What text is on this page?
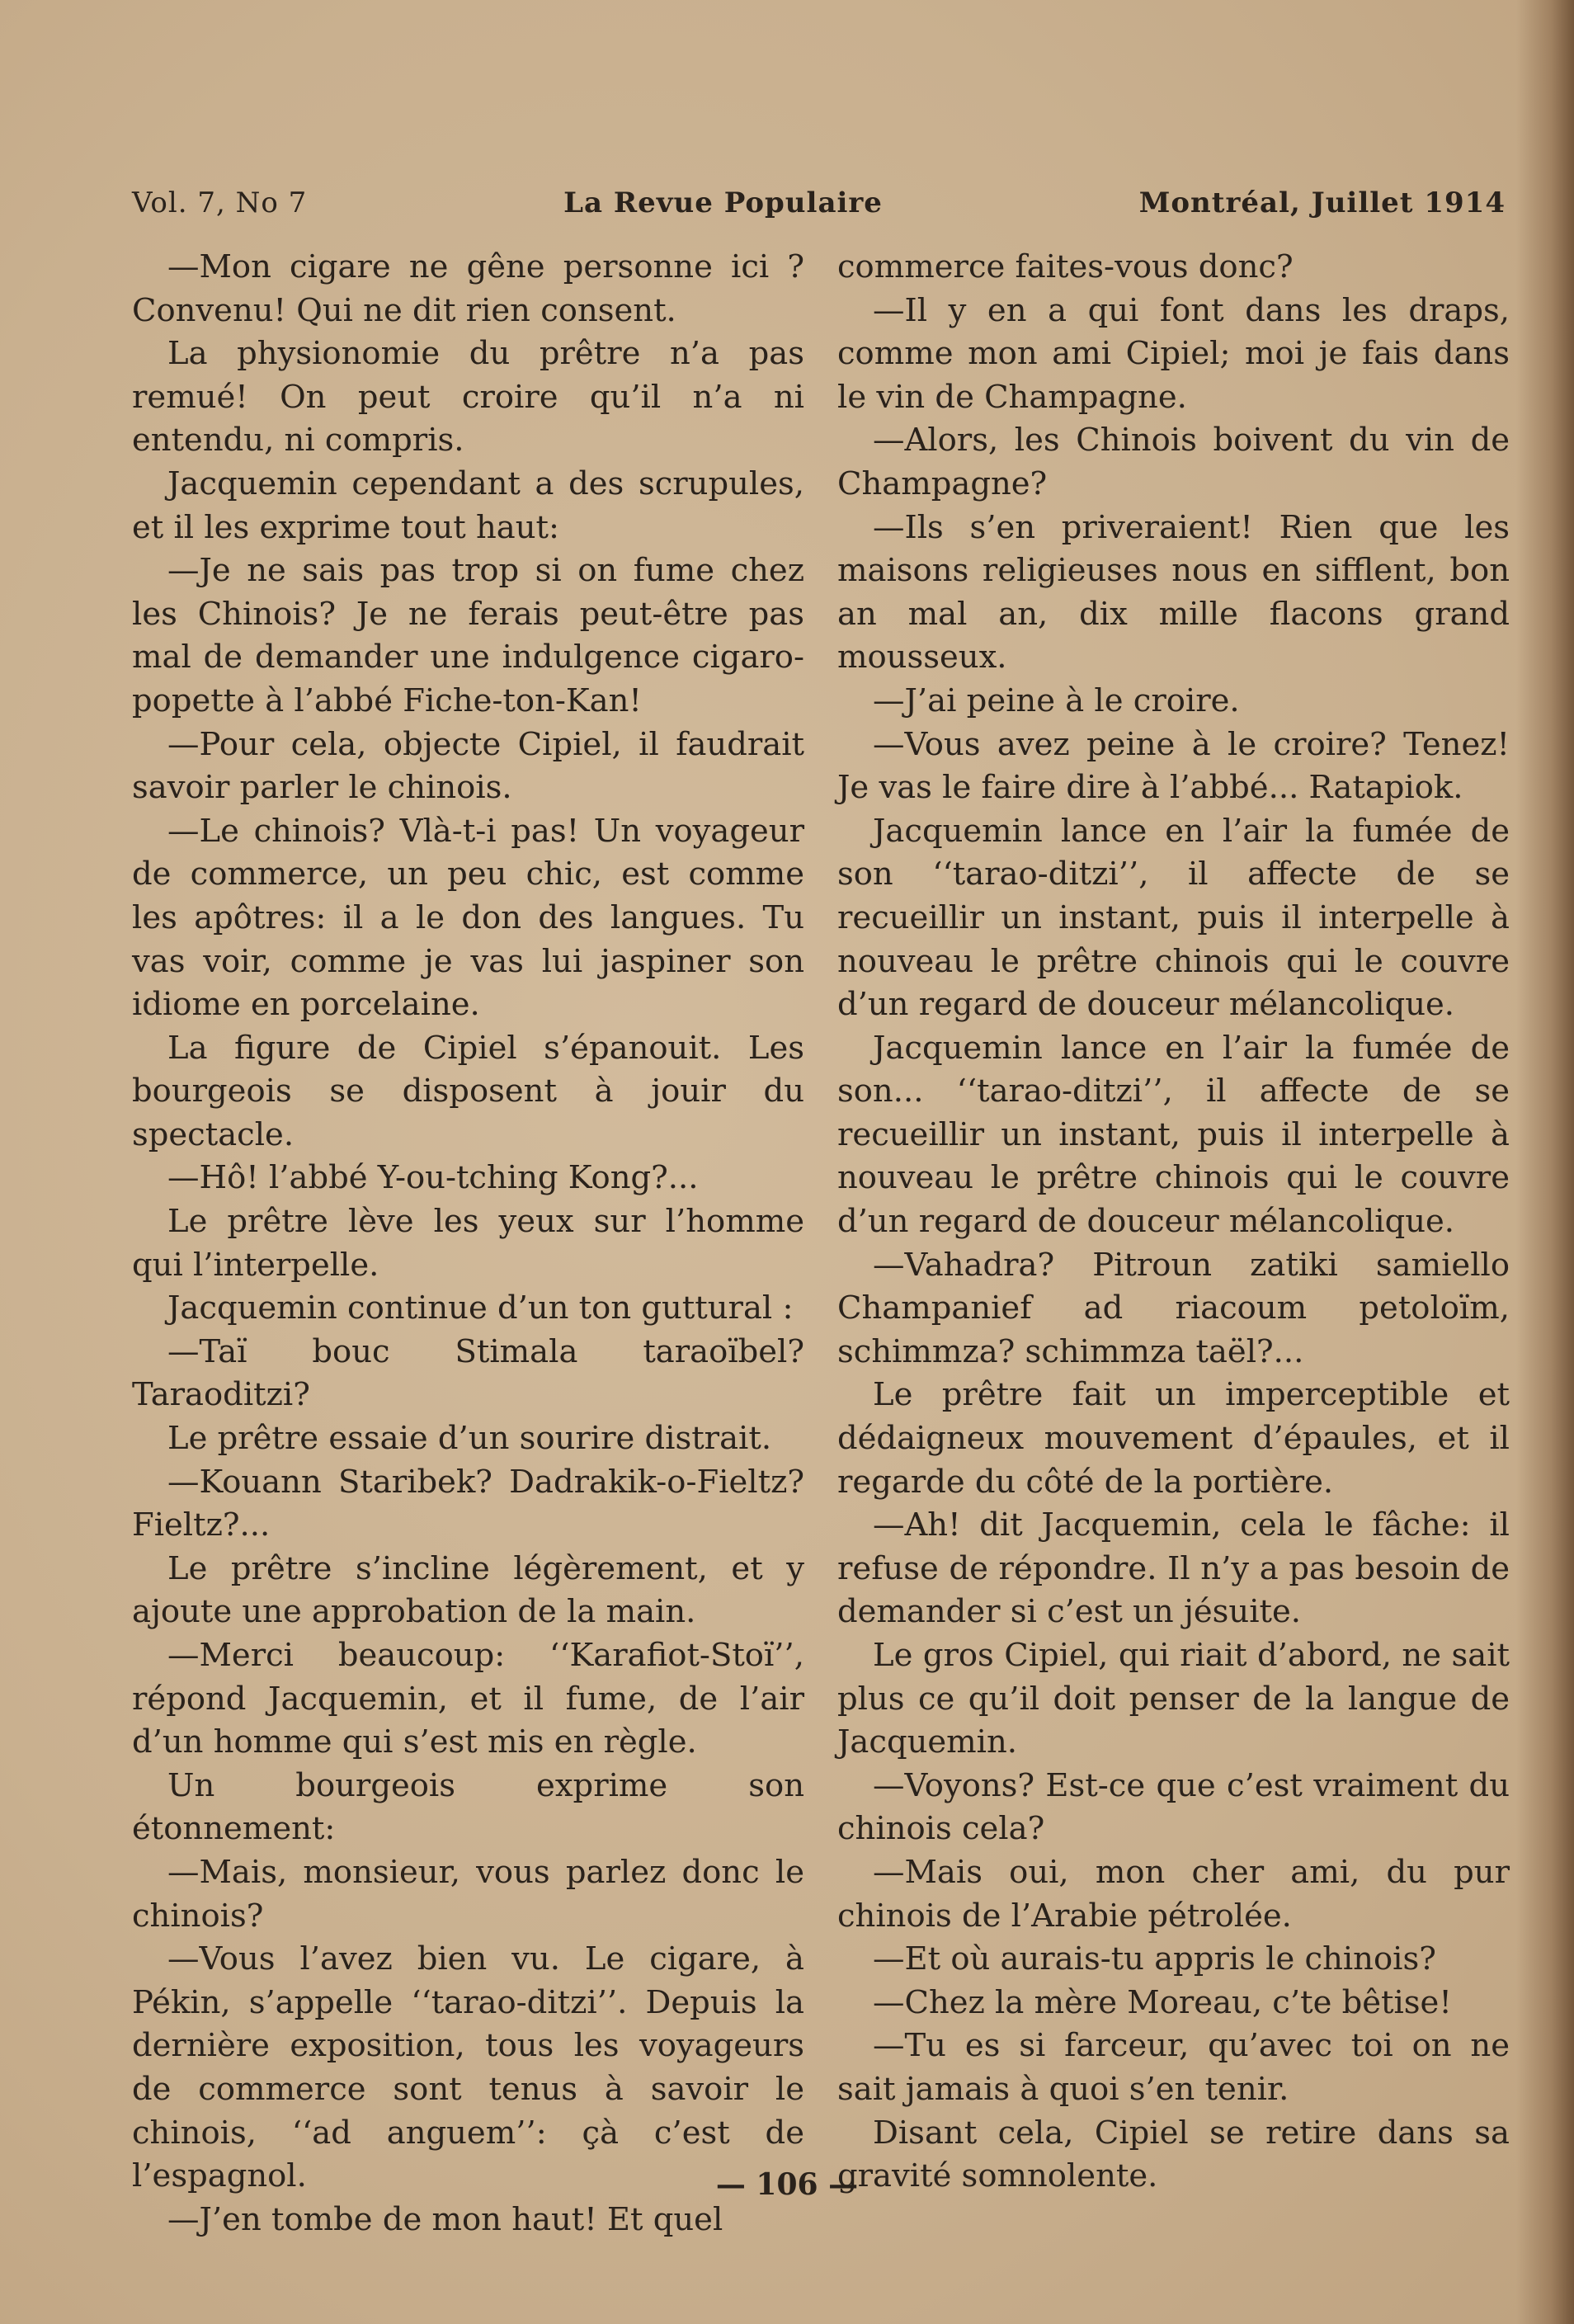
Vol. 7, No 7	La Revue Populaire	Montréal, Juillet 1914

—Mon cigare ne gêne personne ici ? Convenu! Qui ne dit rien consent.

La physionomie du prêtre n’a pas remué! On peut croire qu’il n’a ni entendu, ni compris.

Jacquemin cependant a des scrupules, et il les exprime tout haut:

—Je ne sais pas trop si on fume chez les Chinois? Je ne ferais peut-être pas mal de demander une indulgence cigaro-popette à l’abbé Fiche-ton-Kan!

—Pour cela, objecte Cipiel, il faudrait savoir parler le chinois.

—Le chinois? Vlà-t-i pas! Un voyageur de commerce, un peu chic, est comme les apôtres: il a le don des langues. Tu vas voir, comme je vas lui jaspiner son idiome en porcelaine.

La figure de Cipiel s’épanouit. Les bourgeois se disposent à jouir du spectacle.

—Hô! l’abbé Y-ou-tching Kong?...

Le prêtre lève les yeux sur l’homme qui l’interpelle.

Jacquemin continue d’un ton guttural :

—Taï bouc Stimala taraoïbel? Taraoditzi?

Le prêtre essaie d’un sourire distrait.

—Kouann Staribek? Dadrakik-o-Fieltz? Fieltz?...

Le prêtre s’incline légèrement, et y ajoute une approbation de la main.

—Merci beaucoup: ‘‘Karafiot-Stoï’’, répond Jacquemin, et il fume, de l’air d’un homme qui s’est mis en règle.

Un bourgeois exprime son étonnement:

—Mais, monsieur, vous parlez donc le chinois?

—Vous l’avez bien vu. Le cigare, à Pékin, s’appelle ‘‘tarao-ditzi’’. Depuis la dernière exposition, tous les voyageurs de commerce sont tenus à savoir le chinois, ‘‘ad anguem’’: çà c’est de l’espagnol.

—J’en tombe de mon haut! Et quel

commerce faites-vous donc?

—Il y en a qui font dans les draps, comme mon ami Cipiel; moi je fais dans le vin de Champagne.

—Alors, les Chinois boivent du vin de Champagne?

—Ils s’en priveraient! Rien que les maisons religieuses nous en sifflent, bon an mal an, dix mille flacons grand mousseux.

—J’ai peine à le croire.

—Vous avez peine à le croire? Tenez! Je vas le faire dire à l’abbé... Ratapiok.

Jacquemin lance en l’air la fumée de son ‘‘tarao-ditzi’’, il affecte de se recueillir un instant, puis il interpelle à nouveau le prêtre chinois qui le couvre d’un regard de douceur mélancolique.

Jacquemin lance en l’air la fumée de son... ‘‘tarao-ditzi’’, il affecte de se recueillir un instant, puis il interpelle à nouveau le prêtre chinois qui le couvre d’un regard de douceur mélancolique.

—Vahadra? Pitroun zatiki samiello Champanief ad riacoum petoloïm, schimmza? schimmza taël?...

Le prêtre fait un imperceptible et dédaigneux mouvement d’épaules, et il regarde du côté de la portière.

—Ah! dit Jacquemin, cela le fâche: il refuse de répondre. Il n’y a pas besoin de demander si c’est un jésuite.

Le gros Cipiel, qui riait d’abord, ne sait plus ce qu’il doit penser de la langue de Jacquemin.

—Voyons? Est-ce que c’est vraiment du chinois cela?

—Mais oui, mon cher ami, du pur chinois de l’Arabie pétrolée.

—Et où aurais-tu appris le chinois?

—Chez la mère Moreau, c’te bêtise!

—Tu es si farceur, qu’avec toi on ne sait jamais à quoi s’en tenir.

Disant cela, Cipiel se retire dans sa gravité somnolente.

— 106 —
